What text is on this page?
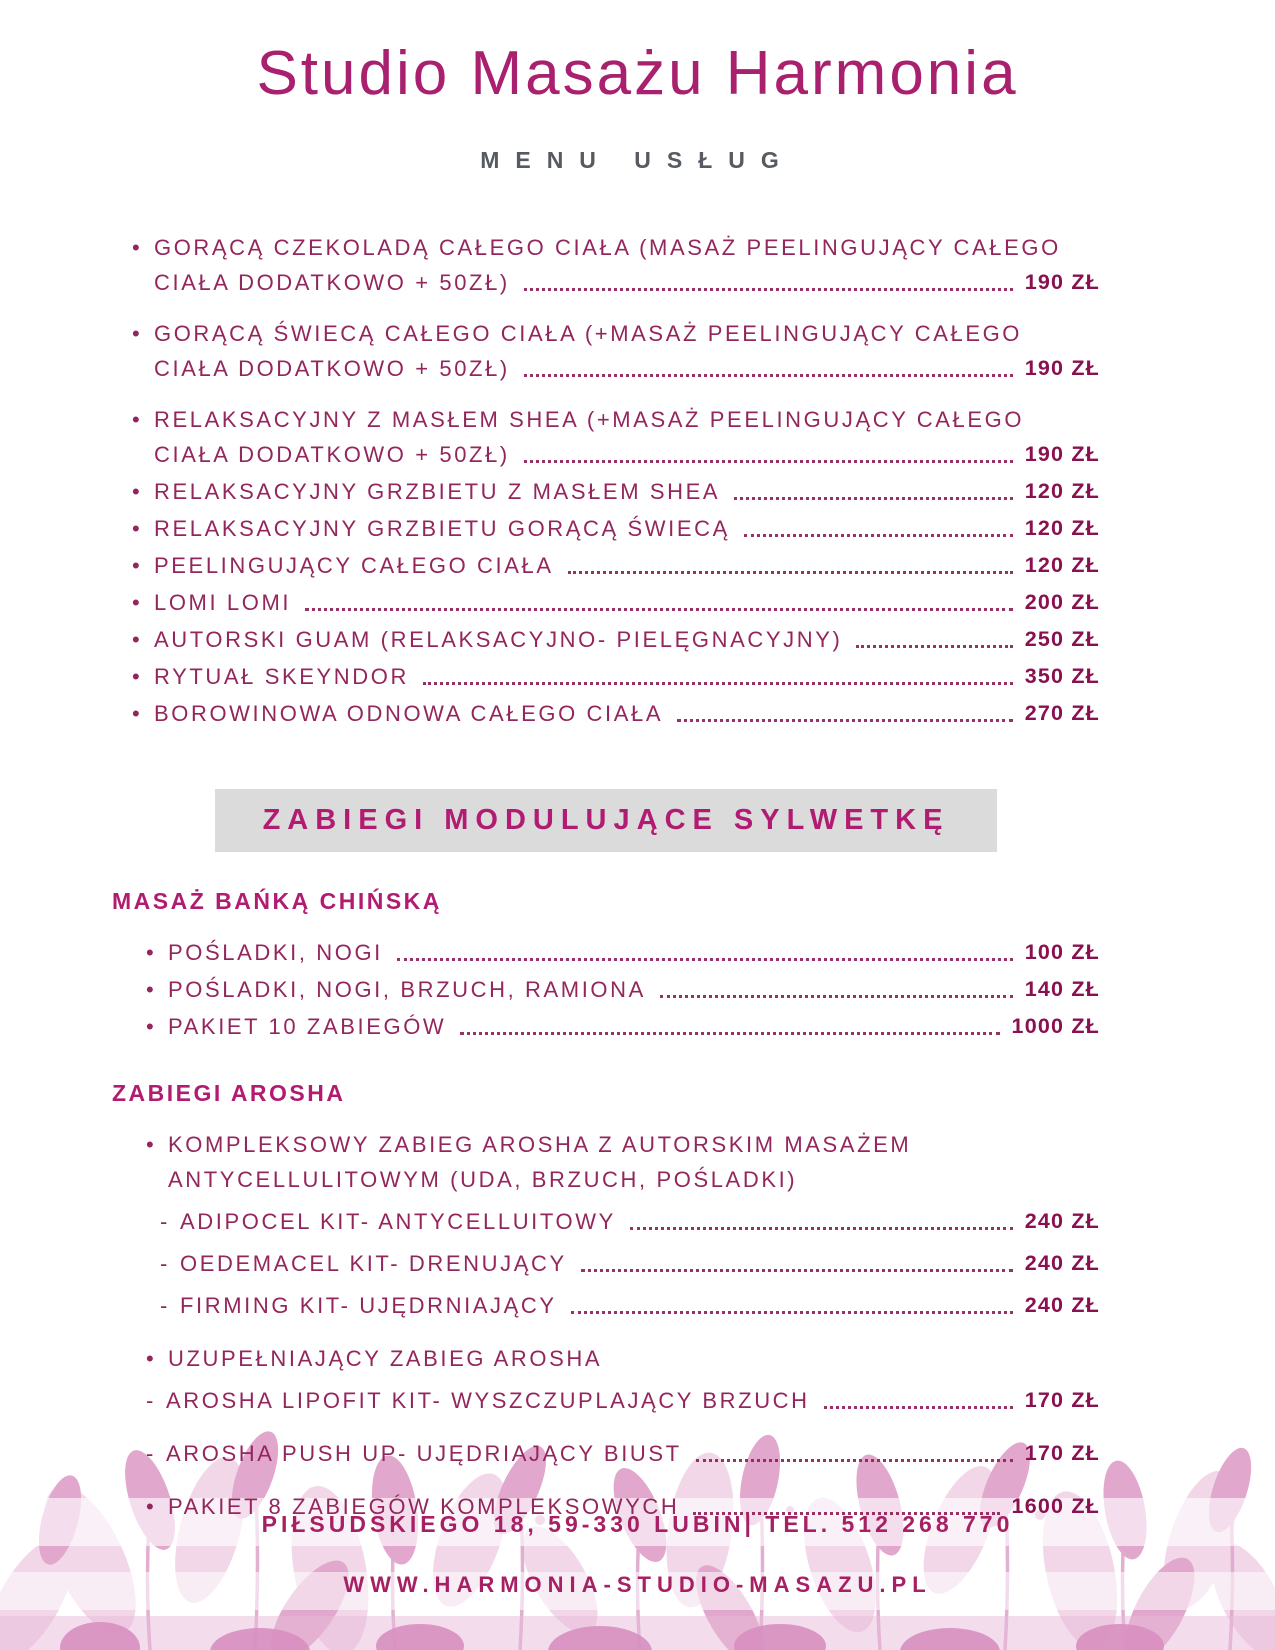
Studio Masażu Harmonia
MENU USŁUG
• GORĄCĄ CZEKOLADĄ CAŁEGO CIAŁA (MASAŻ PEELINGUJĄCY CAŁEGO
CIAŁA DODATKOWO + 50ZŁ)	190 ZŁ
• GORĄCĄ ŚWIECĄ CAŁEGO CIAŁA (+MASAŻ PEELINGUJĄCY CAŁEGO
CIAŁA DODATKOWO + 50ZŁ)	190 ZŁ
• RELAKSACYJNY Z MASŁEM SHEA (+MASAŻ PEELINGUJĄCY CAŁEGO
CIAŁA DODATKOWO + 50ZŁ)	190 ZŁ
• RELAKSACYJNY GRZBIETU Z MASŁEM SHEA	120 ZŁ
• RELAKSACYJNY GRZBIETU GORĄCĄ ŚWIECĄ	120 ZŁ
• PEELINGUJĄCY CAŁEGO CIAŁA	120 ZŁ
• LOMI LOMI	200 ZŁ
• AUTORSKI GUAM (RELAKSACYJNO- PIELĘGNACYJNY)	250 ZŁ
• RYTUAŁ SKEYNDOR	350 ZŁ
• BOROWINOWA ODNOWA CAŁEGO CIAŁA	270 ZŁ
ZABIEGI MODULUJĄCE SYLWETKĘ
MASAŻ BAŃKĄ CHIŃSKĄ
• POŚLADKI, NOGI	100 ZŁ
• POŚLADKI, NOGI, BRZUCH, RAMIONA	140 ZŁ
• PAKIET 10 ZABIEGÓW	1000 ZŁ
ZABIEGI AROSHA
• KOMPLEKSOWY ZABIEG AROSHA Z AUTORSKIM MASAŻEM
ANTYCELLULITOWYM (UDA, BRZUCH, POŚLADKI)
- ADIPOCEL KIT- ANTYCELLUITOWY	240 ZŁ
- OEDEMACEL KIT- DRENUJĄCY	240 ZŁ
- FIRMING KIT- UJĘDRNIAJĄCY	240 ZŁ
• UZUPEŁNIAJĄCY ZABIEG AROSHA
- AROSHA LIPOFIT KIT- WYSZCZUPLAJĄCY BRZUCH	170 ZŁ
- AROSHA PUSH UP- UJĘDRIAJĄCY BIUST	170 ZŁ
• PAKIET 8 ZABIEGÓW KOMPLEKSOWYCH	1600 ZŁ
PIŁSUDSKIEGO 18, 59-330 LUBIN| TEL. 512 268 770
WWW.HARMONIA-STUDIO-MASAZU.PL
